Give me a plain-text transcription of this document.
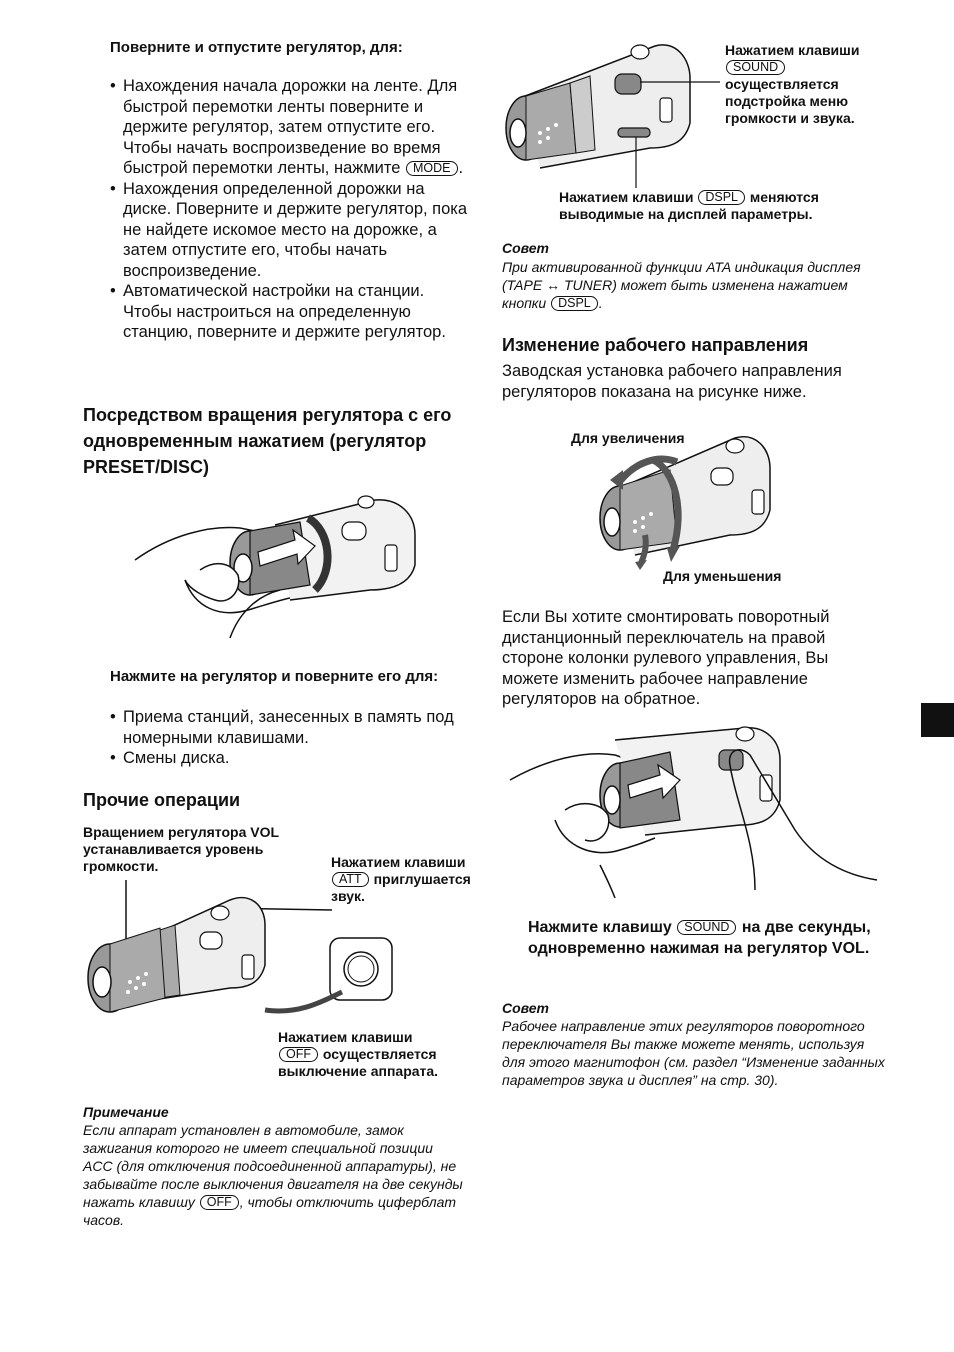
Поверните и отпустите регулятор, для:
• Нахождения начала дорожки на ленте. Для быстрой перемотки ленты поверните и держите регулятор, затем отпустите его. Чтобы начать воспроизведение во время быстрой перемотки ленты, нажмите MODE .
• Нахождения определенной дорожки на диске. Поверните и держите регулятор, пока не найдете искомое место на дорожке, а затем отпустите его, чтобы начать воспроизведение.
• Автоматической настройки на станции. Чтобы настроиться на определенную станцию, поверните и держите регулятор.
Посредством вращения регулятора с его одновременным нажатием (регулятор PRESET/DISC)
Нажмите на регулятор и поверните его для:
• Приема станций, занесенных в память под номерными клавишами.
• Смены диска.
Прочие операции
Вращением регулятора VOL устанавливается уровень громкости.	Нажатием клавиши
ATT приглушается звук.
Нажатием клавиши
OFF осуществляется выключение аппарата.
Примечание
Если аппарат установлен в автомобиле, замок зажигания которого не имеет специальной позиции ACC (для отключения подсоединенной аппаратуры), не забывайте после выключения двигателя на две секунды нажать клавишу OFF , чтобы отключить циферблат часов.
Нажатием клавиши
SOUND
осуществляется подстройка меню громкости и звука.
Нажатием клавиши DSPL меняются выводимые на дисплей параметры.
Совет
При активированной функции ATA индикация дисплея (TAPE ↔ TUNER) может быть изменена нажатием кнопки DSPL .
Изменение рабочего направления
Заводская установка рабочего направления регуляторов показана на рисунке ниже.
Для увеличения
Для уменьшения
Если Вы хотите смонтировать поворотный дистанционный переключатель на правой стороне колонки рулевого управления, Вы можете изменить рабочее направление регуляторов на обратное.
Нажмите клавишу SOUND на две секунды, одновременно нажимая на регулятор VOL.
Совет
Рабочее направление этих регуляторов поворотного переключателя Вы также можете менять, используя для этого магнитофон (см. раздел “Изменение заданных параметров звука и дисплея” на стр. 30).
